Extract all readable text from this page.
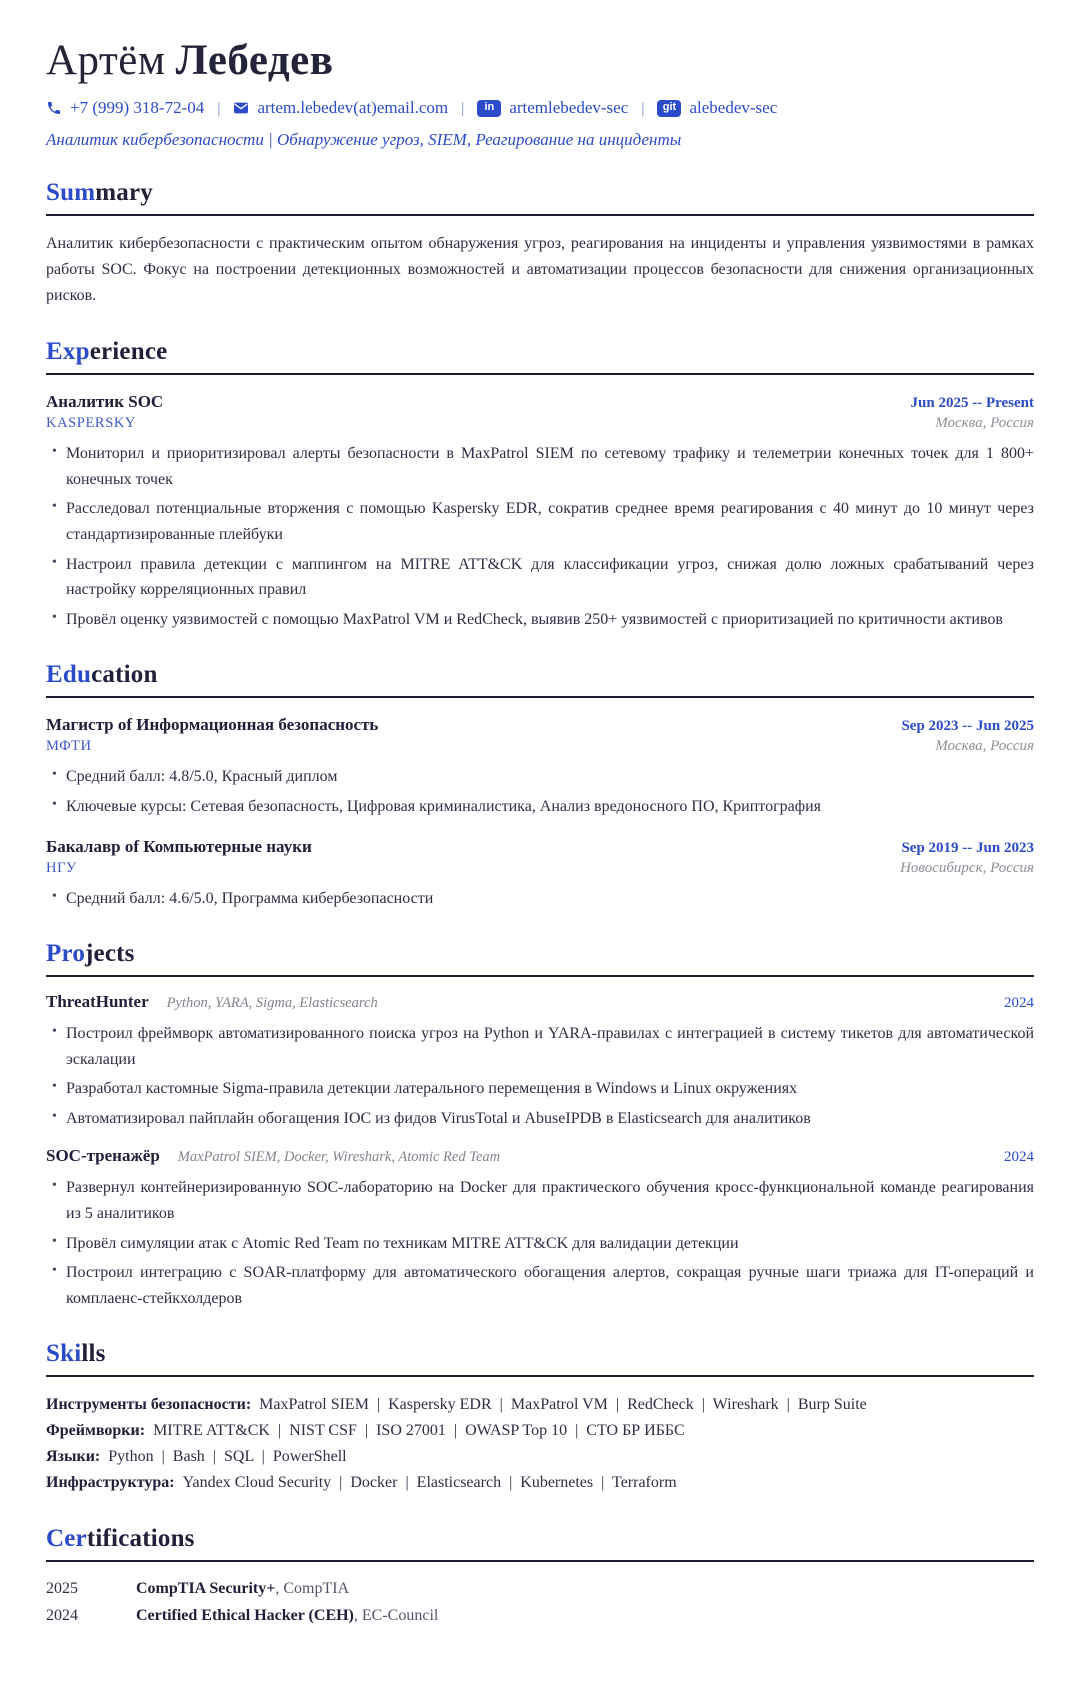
Артём Лебедев
+7 (999) 318-72-04 |	artem.lebedev(at)email.com |	in artemlebedev-sec |	git alebedev-sec
Аналитик кибербезопасности | Обнаружение угроз, SIEM, Реагирование на инциденты
Summary

Аналитик кибербезопасности с практическим опытом обнаружения угроз, реагирования на инциденты и управления уязвимостями в рамках работы SOC. Фокус на построении детекционных возможностей и автоматизации процессов безопасности для снижения организационных рисков.

Experience
Аналитик SOC	Jun 2025 -- Present
KASPERSKY	Москва, Россия
• Мониторил и приоритизировал алерты безопасности в MaxPatrol SIEM по сетевому трафику и телеметрии конечных точек для 1 800+ конечных точек
• Расследовал потенциальные вторжения с помощью Kaspersky EDR, сократив среднее время реагирования с 40 минут до 10 минут через стандартизированные плейбуки
• Настроил правила детекции с маппингом на MITRE ATT&CK для классификации угроз, снижая долю ложных срабатываний через настройку корреляционных правил
• Провёл оценку уязвимостей с помощью MaxPatrol VM и RedCheck, выявив 250+ уязвимостей с приоритизацией по критичности активов
Education
Магистр of Информационная безопасность	Sep 2023 -- Jun 2025
МФТИ	Москва, Россия
• Средний балл: 4.8/5.0, Красный диплом
• Ключевые курсы: Сетевая безопасность, Цифровая криминалистика, Анализ вредоносного ПО, Криптография
Бакалавр of Компьютерные науки	Sep 2019 -- Jun 2023
НГУ	Новосибирск, Россия
• Средний балл: 4.6/5.0, Программа кибербезопасности
Projects
ThreatHunter Python, YARA, Sigma, Elasticsearch	2024
• Построил фреймворк автоматизированного поиска угроз на Python и YARA-правилах с интеграцией в систему тикетов для автоматической эскалации
• Разработал кастомные Sigma-правила детекции латерального перемещения в Windows и Linux окружениях
• Автоматизировал пайплайн обогащения IOC из фидов VirusTotal и AbuseIPDB в Elasticsearch для аналитиков
SOC-тренажёр MaxPatrol SIEM, Docker, Wireshark, Atomic Red Team	2024
• Развернул контейнеризированную SOC-лабораторию на Docker для практического обучения кросс-функциональной команде реагирования из 5 аналитиков
• Провёл симуляции атак с Atomic Red Team по техникам MITRE ATT&CK для валидации детекции
• Построил интеграцию с SOAR-платформу для автоматического обогащения алертов, сокращая ручные шаги триажа для IT-операций и комплаенс-стейкхолдеров
Skills
Инструменты безопасности: MaxPatrol SIEM  |  Kaspersky EDR  |  MaxPatrol VM  |  RedCheck  |  Wireshark  |  Burp Suite
Фреймворки: MITRE ATT&CK  |  NIST CSF  |  ISO 27001  |  OWASP Top 10  |  СТО БР ИББС
Языки: Python  |  Bash  |  SQL  |  PowerShell
Инфраструктура: Yandex Cloud Security  |  Docker  |  Elasticsearch  |  Kubernetes  |  Terraform
Certifications
2025	CompTIA Security+, CompTIA
2024	Certified Ethical Hacker (CEH), EC-Council
